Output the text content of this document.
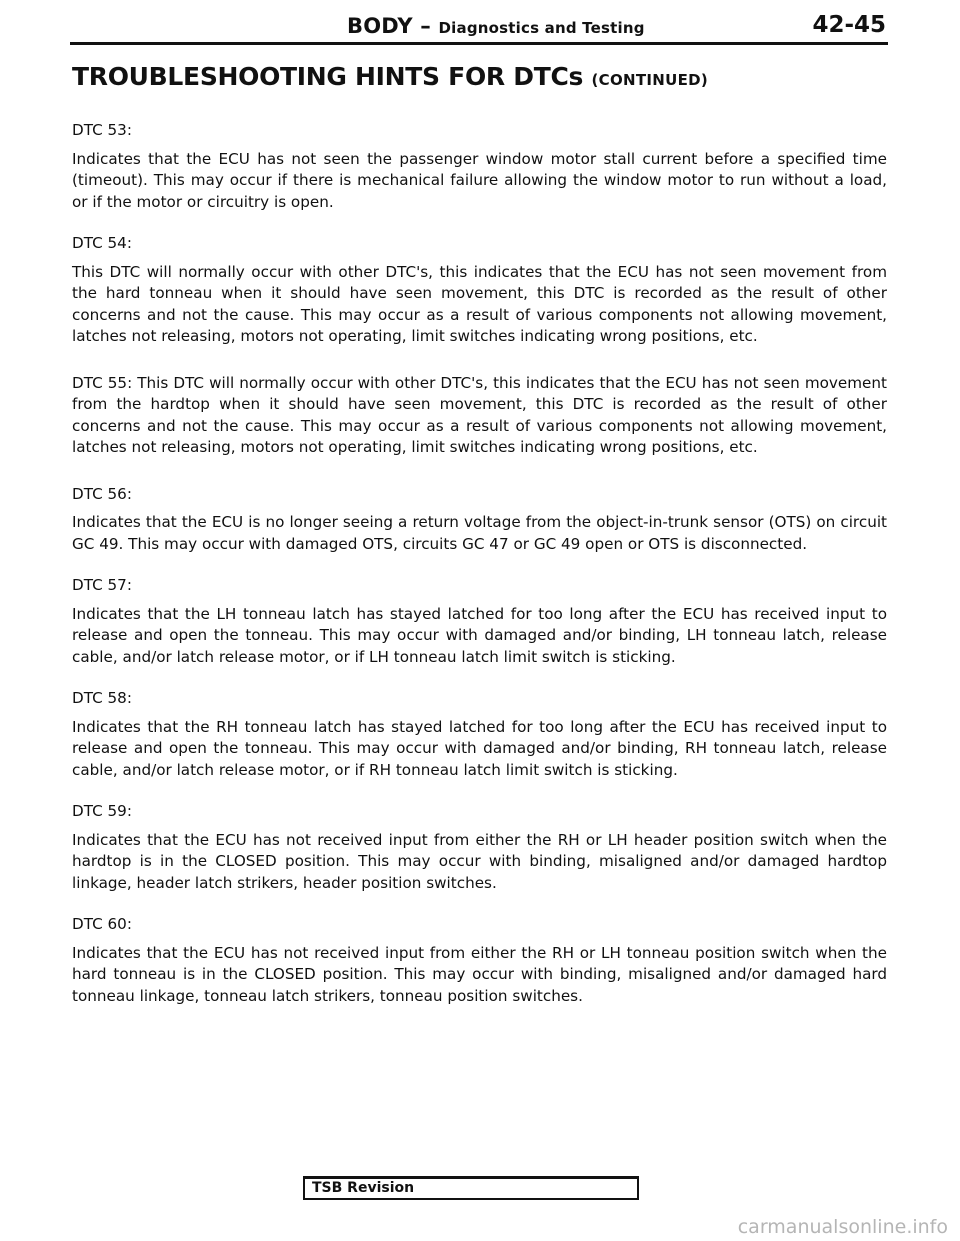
BODY – Diagnostics and Testing	42-45
TROUBLESHOOTING HINTS FOR DTCs (CONTINUED)

DTC 53:

Indicates that the ECU has not seen the passenger window motor stall current before a specified time (timeout). This may occur if there is mechanical failure allowing the window motor to run without a load, or if the motor or circuitry is open.

DTC 54:

This DTC will normally occur with other DTC's, this indicates that the ECU has not seen movement from the hard tonneau when it should have seen movement, this DTC is recorded as the result of other concerns and not the cause. This may occur as a result of various components not allowing movement, latches not releasing, motors not operating, limit switches indicating wrong positions, etc.

DTC 55: This DTC will normally occur with other DTC's, this indicates that the ECU has not seen movement from the hardtop when it should have seen movement, this DTC is recorded as the result of other concerns and not the cause. This may occur as a result of various components not allowing movement, latches not releasing, motors not operating, limit switches indicating wrong positions, etc.

DTC 56:

Indicates that the ECU is no longer seeing a return voltage from the object-in-trunk sensor (OTS) on circuit GC 49. This may occur with damaged OTS, circuits GC 47 or GC 49 open or OTS is disconnected.

DTC 57:

Indicates that the LH tonneau latch has stayed latched for too long after the ECU has received input to release and open the tonneau. This may occur with damaged and/or binding, LH tonneau latch, release cable, and/or latch release motor, or if LH tonneau latch limit switch is sticking.

DTC 58:

Indicates that the RH tonneau latch has stayed latched for too long after the ECU has received input to release and open the tonneau. This may occur with damaged and/or binding, RH tonneau latch, release cable, and/or latch release motor, or if RH tonneau latch limit switch is sticking.

DTC 59:

Indicates that the ECU has not received input from either the RH or LH header position switch when the hardtop is in the CLOSED position. This may occur with binding, misaligned and/or damaged hardtop linkage, header latch strikers, header position switches.

DTC 60:

Indicates that the ECU has not received input from either the RH or LH tonneau position switch when the hard tonneau is in the CLOSED position. This may occur with binding, misaligned and/or damaged hard tonneau linkage, tonneau latch strikers, tonneau position switches.

TSB Revision
carmanualsonline.info
